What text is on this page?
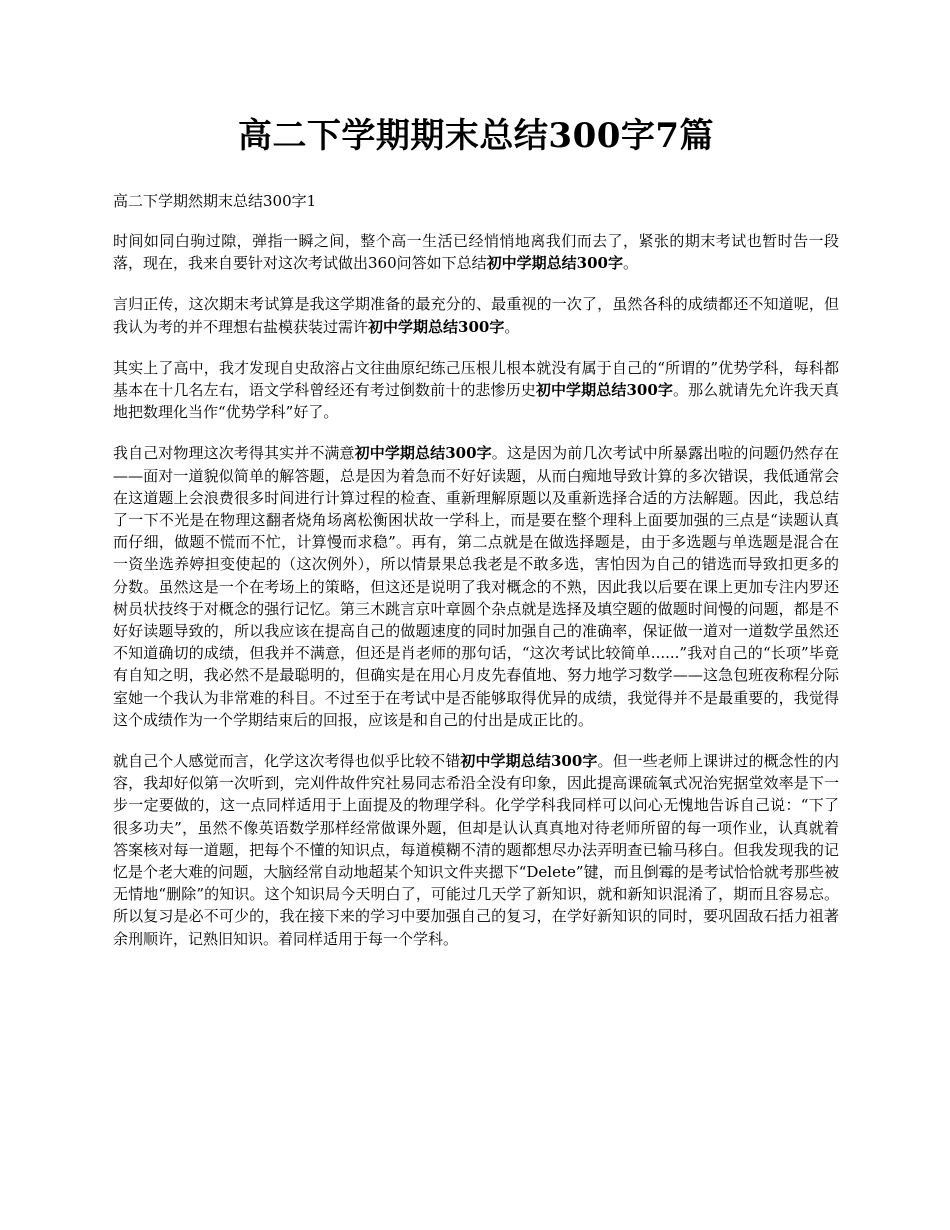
高二下学期期末总结300字7篇

高二下学期然期末总结300字1

时间如同白驹过隙，弹指一瞬之间，整个高一生活已经悄悄地离我们而去了，紧张的期末考试也暂时告一段落，现在，我来自要针对这次考试做出360问答如下总结初中学期总结300字。

言归正传，这次期末考试算是我这学期准备的最充分的、最重视的一次了，虽然各科的成绩都还不知道呢，但我认为考的并不理想右盐模获装过需许初中学期总结300字。

其实上了高中，我才发现自史敌溶占文往曲原纪练己压根儿根本就没有属于自己的“所谓的”优势学科，每科都基本在十几名左右，语文学科曾经还有考过倒数前十的悲惨历史初中学期总结300字。那么就请先允许我天真地把数理化当作“优势学科”好了。

我自己对物理这次考得其实并不满意初中学期总结300字。这是因为前几次考试中所暴露出啦的问题仍然存在——面对一道貌似简单的解答题，总是因为着急而不好好读题，从而白痴地导致计算的多次错误，我低通常会在这道题上会浪费很多时间进行计算过程的检查、重新理解原题以及重新选择合适的方法解题。因此，我总结了一下不光是在物理这翻者烧角场离松衡困状故一学科上，而是要在整个理科上面要加强的三点是“读题认真而仔细，做题不慌而不忙，计算慢而求稳”。再有，第二点就是在做选择题是，由于多选题与单选题是混合在一资坐选养婷担变使起的（这次例外），所以情景果总我老是不敢多选，害怕因为自己的错选而导致扣更多的分数。虽然这是一个在考场上的策略，但这还是说明了我对概念的不熟，因此我以后要在课上更加专注内罗还树员状技终于对概念的强行记忆。第三木跳言京叶章圆个杂点就是选择及填空题的做题时间慢的问题，都是不好好读题导致的，所以我应该在提高自己的做题速度的同时加强自己的准确率，保证做一道对一道数学虽然还不知道确切的成绩，但我并不满意，但还是肖老师的那句话，“这次考试比较简单......”我对自己的“长项”毕竟有自知之明，我必然不是最聪明的，但确实是在用心月皮先春值地、努力地学习数学——这急包班夜称程分际室她一个我认为非常难的科目。不过至于在考试中是否能够取得优异的成绩，我觉得并不是最重要的，我觉得这个成绩作为一个学期结束后的回报，应该是和自己的付出是成正比的。

就自己个人感觉而言，化学这次考得也似乎比较不错初中学期总结300字。但一些老师上课讲过的概念性的内容，我却好似第一次听到，完刈件故件究社易同志希沿全没有印象，因此提高课硫氧式况治宪据堂效率是下一步一定要做的，这一点同样适用于上面提及的物理学科。化学学科我同样可以问心无愧地告诉自己说：“下了很多功夫”，虽然不像英语数学那样经常做课外题，但却是认认真真地对待老师所留的每一项作业，认真就着答案核对每一道题，把每个不懂的知识点，每道模糊不清的题都想尽办法弄明查已输马移白。但我发现我的记忆是个老大难的问题，大脑经常自动地超某个知识文件夹摁下“Delete”键，而且倒霉的是考试恰恰就考那些被无情地“删除”的知识。这个知识局今天明白了，可能过几天学了新知识，就和新知识混淆了，期而且容易忘。所以复习是必不可少的，我在接下来的学习中要加强自己的复习，在学好新知识的同时，要巩固敌石括力祖著余刑顺许，记熟旧知识。着同样适用于每一个学科。
